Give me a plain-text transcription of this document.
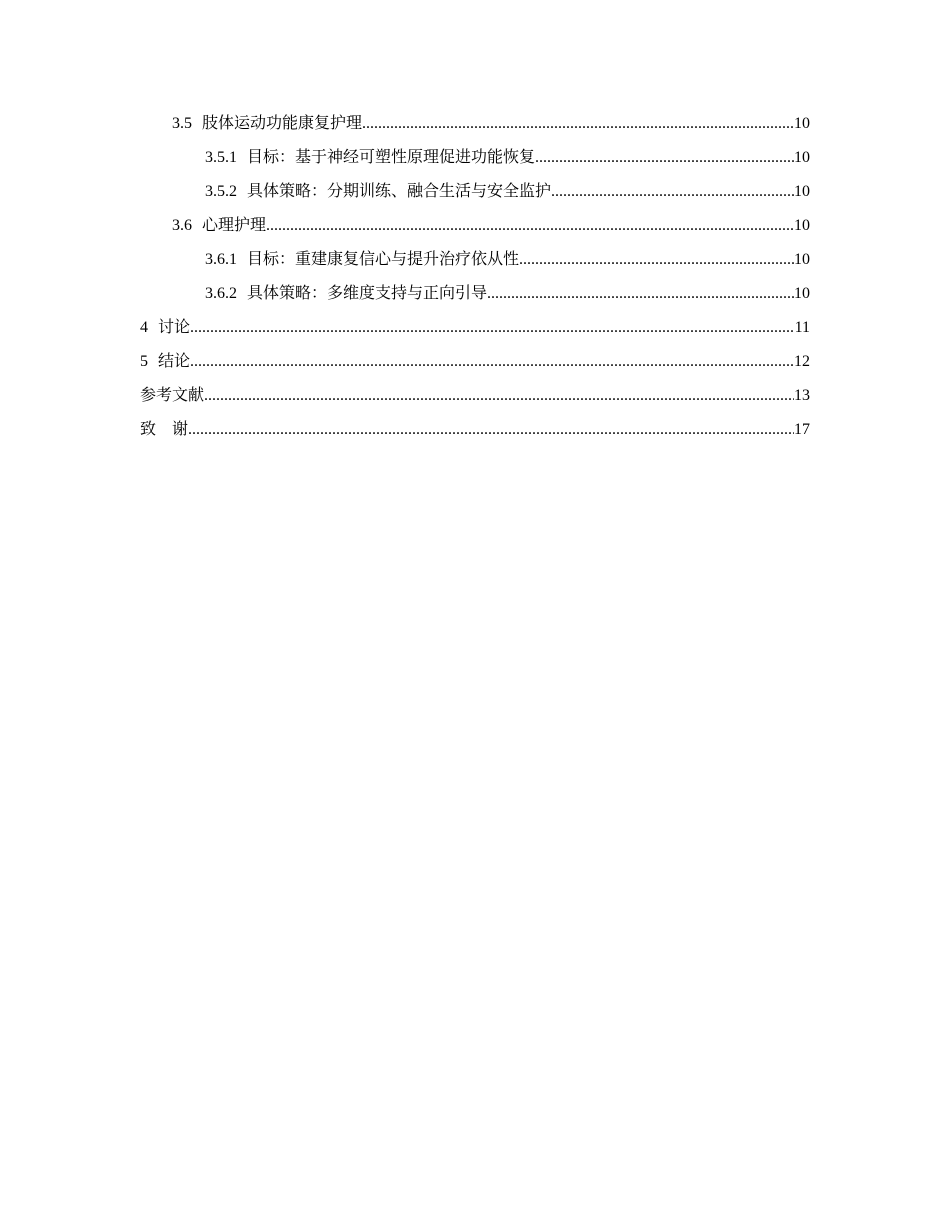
3.5 肢体运动功能康复护理 .....	10
3.5.1 目标：基于神经可塑性原理促进功能恢复 .....	10
3.5.2 具体策略：分期训练、融合生活与安全监护 .....	10
3.6 心理护理 .....	10
3.6.1 目标：重建康复信心与提升治疗依从性 .....	10
3.6.2 具体策略：多维度支持与正向引导 .....	10
4 讨论 .....	11
5 结论 .....	12
参考文献 .....	13
致　谢 .....	17
